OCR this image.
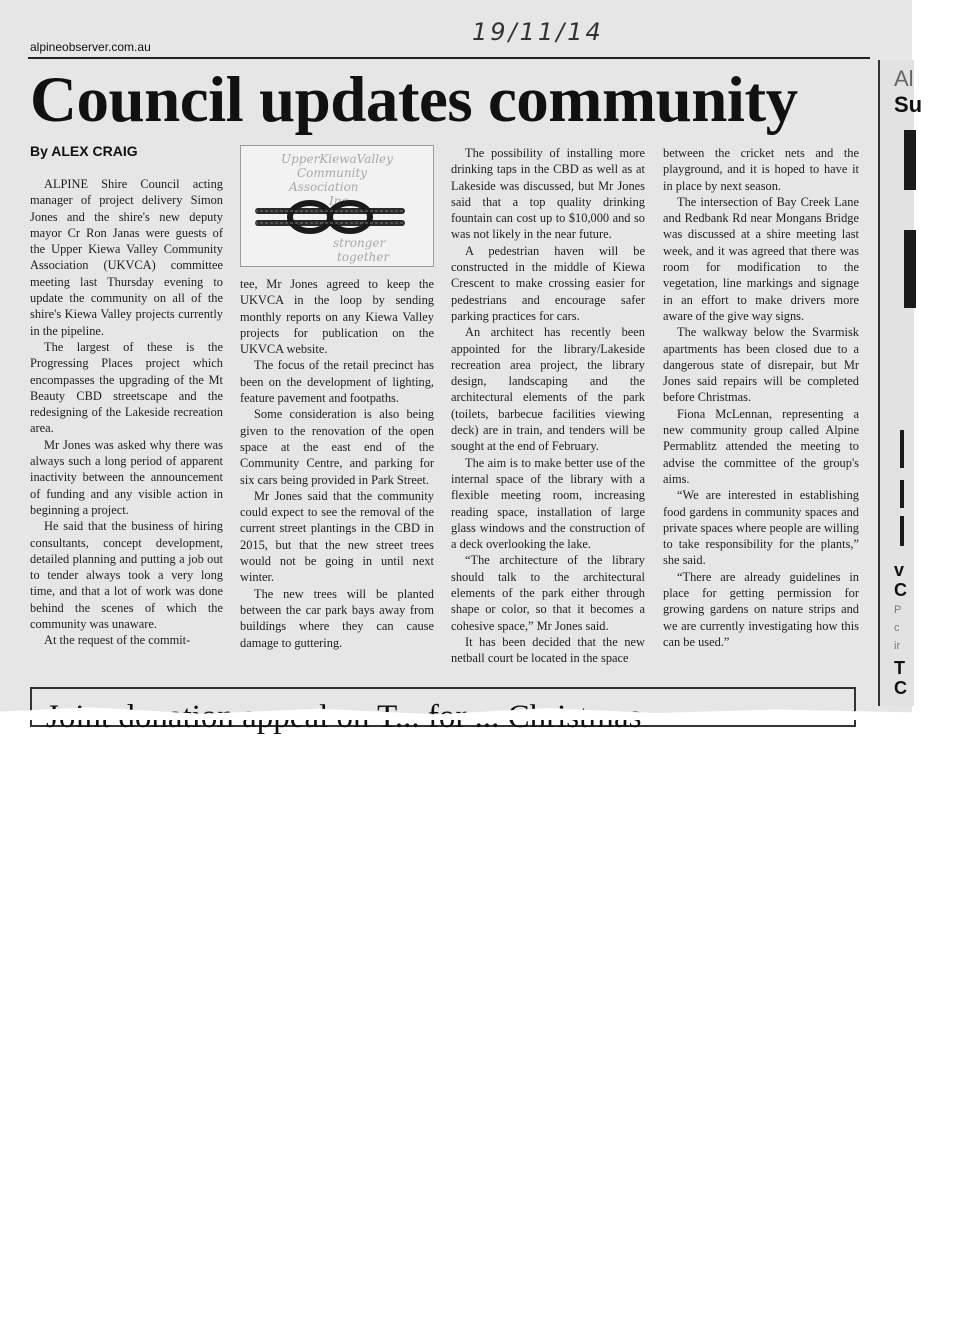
19/11/14
alpineobserver.com.au
Council updates community
By ALEX CRAIG

ALPINE Shire Council acting manager of project delivery Simon Jones and the shire's new deputy mayor Cr Ron Janas were guests of the Upper Kiewa Valley Community Association (UKVCA) committee meeting last Thursday evening to update the community on all of the shire's Kiewa Valley projects currently in the pipeline.

The largest of these is the Progressing Places project which encompasses the upgrading of the Mt Beauty CBD streetscape and the redesigning of the Lakeside recreation area.

Mr Jones was asked why there was always such a long period of apparent inactivity between the announcement of funding and any visible action in beginning a project.

He said that the business of hiring consultants, concept development, detailed planning and putting a job out to tender always took a very long time, and that a lot of work was done behind the scenes of which the community was unaware.

At the request of the commit-

UpperKiewaValley
Community
Association
Inc
stronger
together

tee, Mr Jones agreed to keep the UKVCA in the loop by sending monthly reports on any Kiewa Valley projects for publication on the UKVCA website.

The focus of the retail precinct has been on the development of lighting, feature pavement and footpaths.

Some consideration is also being given to the renovation of the open space at the east end of the Community Centre, and parking for six cars being provided in Park Street.

Mr Jones said that the community could expect to see the removal of the current street plantings in the CBD in 2015, but that the new street trees would not be going in until next winter.

The new trees will be planted between the car park bays away from buildings where they can cause damage to guttering.

The possibility of installing more drinking taps in the CBD as well as at Lakeside was discussed, but Mr Jones said that a top quality drinking fountain can cost up to $10,000 and so was not likely in the near future.

A pedestrian haven will be constructed in the middle of Kiewa Crescent to make crossing easier for pedestrians and encourage safer parking practices for cars.

An architect has recently been appointed for the library/Lakeside recreation area project, the library design, landscaping and the architectural elements of the park (toilets, barbecue facilities viewing deck) are in train, and tenders will be sought at the end of February.

The aim is to make better use of the internal space of the library with a flexible meeting room, increasing reading space, installation of large glass windows and the construction of a deck overlooking the lake.

“The architecture of the library should talk to the architectural elements of the park either through shape or color, so that it becomes a cohesive space,” Mr Jones said.

It has been decided that the new netball court be located in the space

between the cricket nets and the playground, and it is hoped to have it in place by next season.

The intersection of Bay Creek Lane and Redbank Rd near Mongans Bridge was discussed at a shire meeting last week, and it was agreed that there was room for modification to the vegetation, line markings and signage in an effort to make drivers more aware of the give way signs.

The walkway below the Svarmisk apartments has been closed due to a dangerous state of disrepair, but Mr Jones said repairs will be completed before Christmas.

Fiona McLennan, representing a new community group called Alpine Permablitz attended the meeting to advise the committee of the group's aims.

“We are interested in establishing food gardens in community spaces and private spaces where people are willing to take responsibility for the plants,” she said.

“There are already guidelines in place for getting permission for growing gardens on nature strips and we are currently investigating how this can be used.”

Al
Su
v
C
P
c
ir
T
C
